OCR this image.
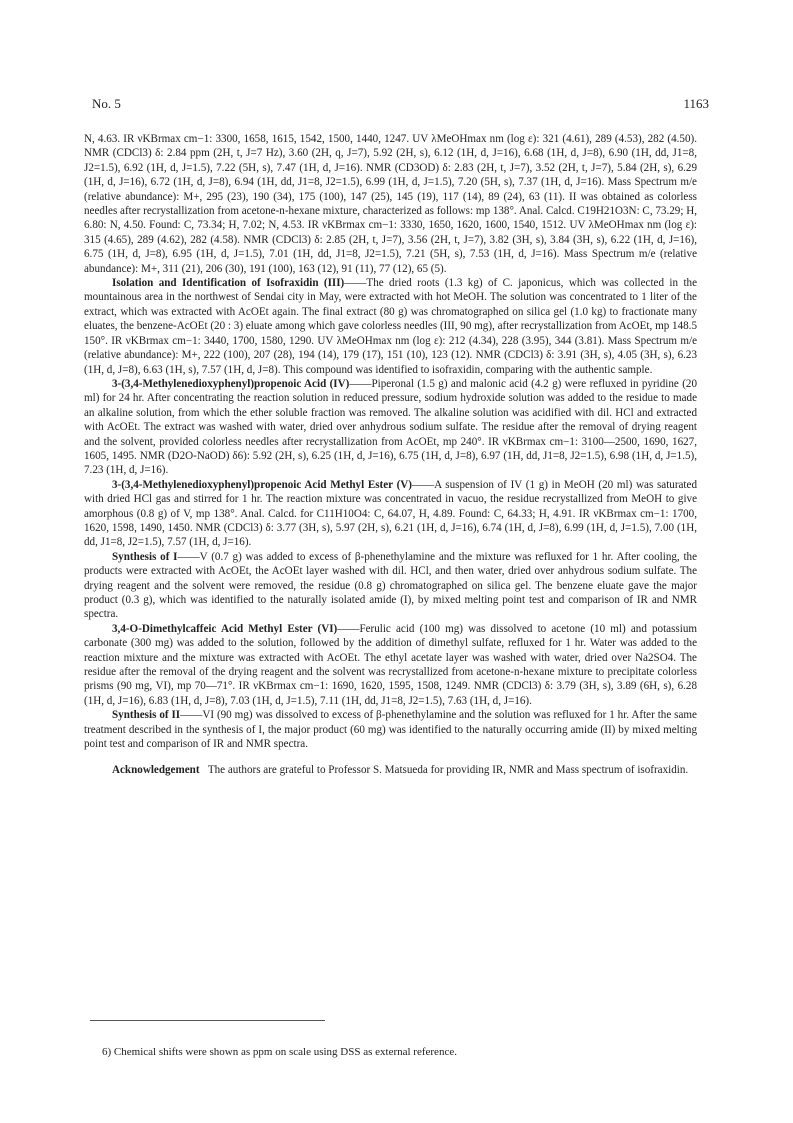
No. 5	1163

N, 4.63. IR νKBrmax cm−1: 3300, 1658, 1615, 1542, 1500, 1440, 1247. UV λMeOHmax nm (log ε): 321 (4.61), 289 (4.53), 282 (4.50). NMR (CDCl3) δ: 2.84 ppm (2H, t, J=7 Hz), 3.60 (2H, q, J=7), 5.92 (2H, s), 6.12 (1H, d, J=16), 6.68 (1H, d, J=8), 6.90 (1H, dd, J1=8, J2=1.5), 6.92 (1H, d, J=1.5), 7.22 (5H, s), 7.47 (1H, d, J=16). NMR (CD3OD) δ: 2.83 (2H, t, J=7), 3.52 (2H, t, J=7), 5.84 (2H, s), 6.29 (1H, d, J=16), 6.72 (1H, d, J=8), 6.94 (1H, dd, J1=8, J2=1.5), 6.99 (1H, d, J=1.5), 7.20 (5H, s), 7.37 (1H, d, J=16). Mass Spectrum m/e (relative abundance): M+, 295 (23), 190 (34), 175 (100), 147 (25), 145 (19), 117 (14), 89 (24), 63 (11). II was obtained as colorless needles after recrystallization from acetone-n-hexane mixture, characterized as follows: mp 138°. Anal. Calcd. C19H21O3N: C, 73.29; H, 6.80: N, 4.50. Found: C, 73.34; H, 7.02; N, 4.53. IR νKBrmax cm−1: 3330, 1650, 1620, 1600, 1540, 1512. UV λMeOHmax nm (log ε): 315 (4.65), 289 (4.62), 282 (4.58). NMR (CDCl3) δ: 2.85 (2H, t, J=7), 3.56 (2H, t, J=7), 3.82 (3H, s), 3.84 (3H, s), 6.22 (1H, d, J=16), 6.75 (1H, d, J=8), 6.95 (1H, d, J=1.5), 7.01 (1H, dd, J1=8, J2=1.5), 7.21 (5H, s), 7.53 (1H, d, J=16). Mass Spectrum m/e (relative abundance): M+, 311 (21), 206 (30), 191 (100), 163 (12), 91 (11), 77 (12), 65 (5).

Isolation and Identification of Isofraxidin (III)——The dried roots (1.3 kg) of C. japonicus, which was collected in the mountainous area in the northwest of Sendai city in May, were extracted with hot MeOH. The solution was concentrated to 1 liter of the extract, which was extracted with AcOEt again. The final extract (80 g) was chromatographed on silica gel (1.0 kg) to fractionate many eluates, the benzene-AcOEt (20 : 3) eluate among which gave colorless needles (III, 90 mg), after recrystallization from AcOEt, mp 148.5 150°. IR νKBrmax cm−1: 3440, 1700, 1580, 1290. UV λMeOHmax nm (log ε): 212 (4.34), 228 (3.95), 344 (3.81). Mass Spectrum m/e (relative abundance): M+, 222 (100), 207 (28), 194 (14), 179 (17), 151 (10), 123 (12). NMR (CDCl3) δ: 3.91 (3H, s), 4.05 (3H, s), 6.23 (1H, d, J=8), 6.63 (1H, s), 7.57 (1H, d, J=8). This compound was identified to isofraxidin, comparing with the authentic sample.

3-(3,4-Methylenedioxyphenyl)propenoic Acid (IV)——Piperonal (1.5 g) and malonic acid (4.2 g) were refluxed in pyridine (20 ml) for 24 hr. After concentrating the reaction solution in reduced pressure, sodium hydroxide solution was added to the residue to made an alkaline solution, from which the ether soluble fraction was removed. The alkaline solution was acidified with dil. HCl and extracted with AcOEt. The extract was washed with water, dried over anhydrous sodium sulfate. The residue after the removal of drying reagent and the solvent, provided colorless needles after recrystallization from AcOEt, mp 240°. IR νKBrmax cm−1: 3100—2500, 1690, 1627, 1605, 1495. NMR (D2O-NaOD) δ6): 5.92 (2H, s), 6.25 (1H, d, J=16), 6.75 (1H, d, J=8), 6.97 (1H, dd, J1=8, J2=1.5), 6.98 (1H, d, J=1.5), 7.23 (1H, d, J=16).

3-(3,4-Methylenedioxyphenyl)propenoic Acid Methyl Ester (V)——A suspension of IV (1 g) in MeOH (20 ml) was saturated with dried HCl gas and stirred for 1 hr. The reaction mixture was concentrated in vacuo, the residue recrystallized from MeOH to give amorphous (0.8 g) of V, mp 138°. Anal. Calcd. for C11H10O4: C, 64.07, H, 4.89. Found: C, 64.33; H, 4.91. IR νKBrmax cm−1: 1700, 1620, 1598, 1490, 1450. NMR (CDCl3) δ: 3.77 (3H, s), 5.97 (2H, s), 6.21 (1H, d, J=16), 6.74 (1H, d, J=8), 6.99 (1H, d, J=1.5), 7.00 (1H, dd, J1=8, J2=1.5), 7.57 (1H, d, J=16).

Synthesis of I——V (0.7 g) was added to excess of β-phenethylamine and the mixture was refluxed for 1 hr. After cooling, the products were extracted with AcOEt, the AcOEt layer washed with dil. HCl, and then water, dried over anhydrous sodium sulfate. The drying reagent and the solvent were removed, the residue (0.8 g) chromatographed on silica gel. The benzene eluate gave the major product (0.3 g), which was identified to the naturally isolated amide (I), by mixed melting point test and comparison of IR and NMR spectra.

3,4-O-Dimethylcaffeic Acid Methyl Ester (VI)——Ferulic acid (100 mg) was dissolved to acetone (10 ml) and potassium carbonate (300 mg) was added to the solution, followed by the addition of dimethyl sulfate, refluxed for 1 hr. Water was added to the reaction mixture and the mixture was extracted with AcOEt. The ethyl acetate layer was washed with water, dried over Na2SO4. The residue after the removal of the drying reagent and the solvent was recrystallized from acetone-n-hexane mixture to precipitate colorless prisms (90 mg, VI), mp 70—71°. IR νKBrmax cm−1: 1690, 1620, 1595, 1508, 1249. NMR (CDCl3) δ: 3.79 (3H, s), 3.89 (6H, s), 6.28 (1H, d, J=16), 6.83 (1H, d, J=8), 7.03 (1H, d, J=1.5), 7.11 (1H, dd, J1=8, J2=1.5), 7.63 (1H, d, J=16).

Synthesis of II——VI (90 mg) was dissolved to excess of β-phenethylamine and the solution was refluxed for 1 hr. After the same treatment described in the synthesis of I, the major product (60 mg) was identified to the naturally occurring amide (II) by mixed melting point test and comparison of IR and NMR spectra.

Acknowledgement The authors are grateful to Professor S. Matsueda for providing IR, NMR and Mass spectrum of isofraxidin.

6) Chemical shifts were shown as ppm on scale using DSS as external reference.
